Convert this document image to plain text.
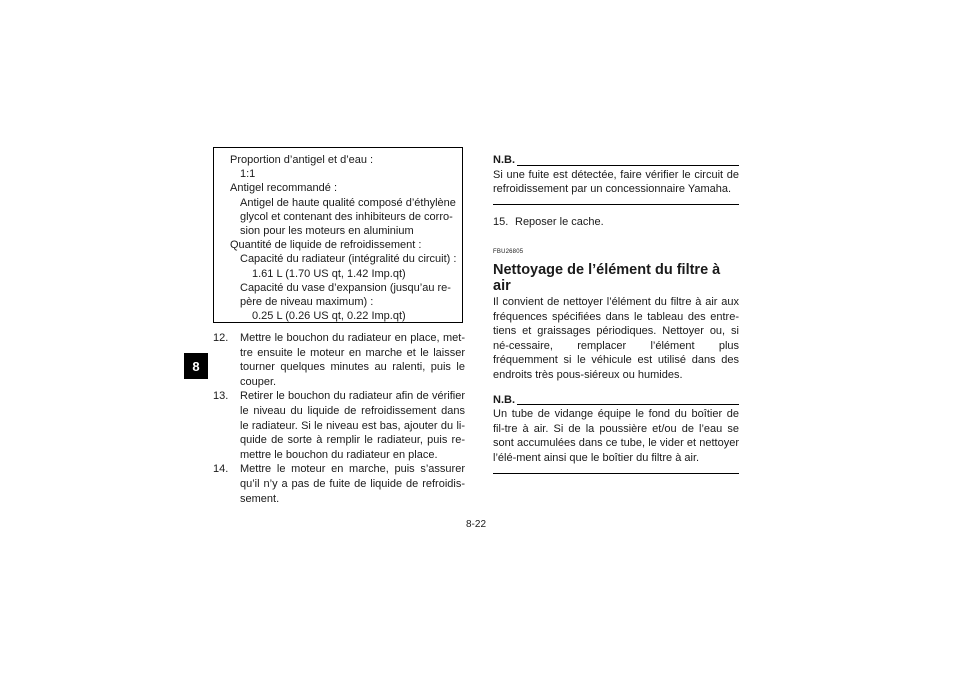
8
Proportion d’antigel et d’eau :
1:1
Antigel recommandé :
Antigel de haute qualité composé d’éthylène
glycol et contenant des inhibiteurs de corro-
sion pour les moteurs en aluminium
Quantité de liquide de refroidissement :
Capacité du radiateur (intégralité du circuit) :
1.61 L (1.70 US qt, 1.42 Imp.qt)
Capacité du vase d’expansion (jusqu’au re-
père de niveau maximum) :
0.25 L (0.26 US qt, 0.22 Imp.qt)
12. Mettre le bouchon du radiateur en place, met-tre ensuite le moteur en marche et le laisser tourner quelques minutes au ralenti, puis le couper.
13. Retirer le bouchon du radiateur afin de vérifier le niveau du liquide de refroidissement dans le radiateur. Si le niveau est bas, ajouter du li-quide de sorte à remplir le radiateur, puis re-mettre le bouchon du radiateur en place.
14. Mettre le moteur en marche, puis s’assurer qu’il n’y a pas de fuite de liquide de refroidis-sement.
N.B.
Si une fuite est détectée, faire vérifier le circuit de refroidissement par un concessionnaire Yamaha.
15. Reposer le cache.
FBU26805
Nettoyage de l’élément du filtre à air
Il convient de nettoyer l’élément du filtre à air aux fréquences spécifiées dans le tableau des entre-tiens et graissages périodiques. Nettoyer ou, si né-cessaire, remplacer l’élément plus fréquemment si le véhicule est utilisé dans des endroits très pous-siéreux ou humides.
N.B.
Un tube de vidange équipe le fond du boîtier de fil-tre à air. Si de la poussière et/ou de l’eau se sont accumulées dans ce tube, le vider et nettoyer l’élé-ment ainsi que le boîtier du filtre à air.
8-22
